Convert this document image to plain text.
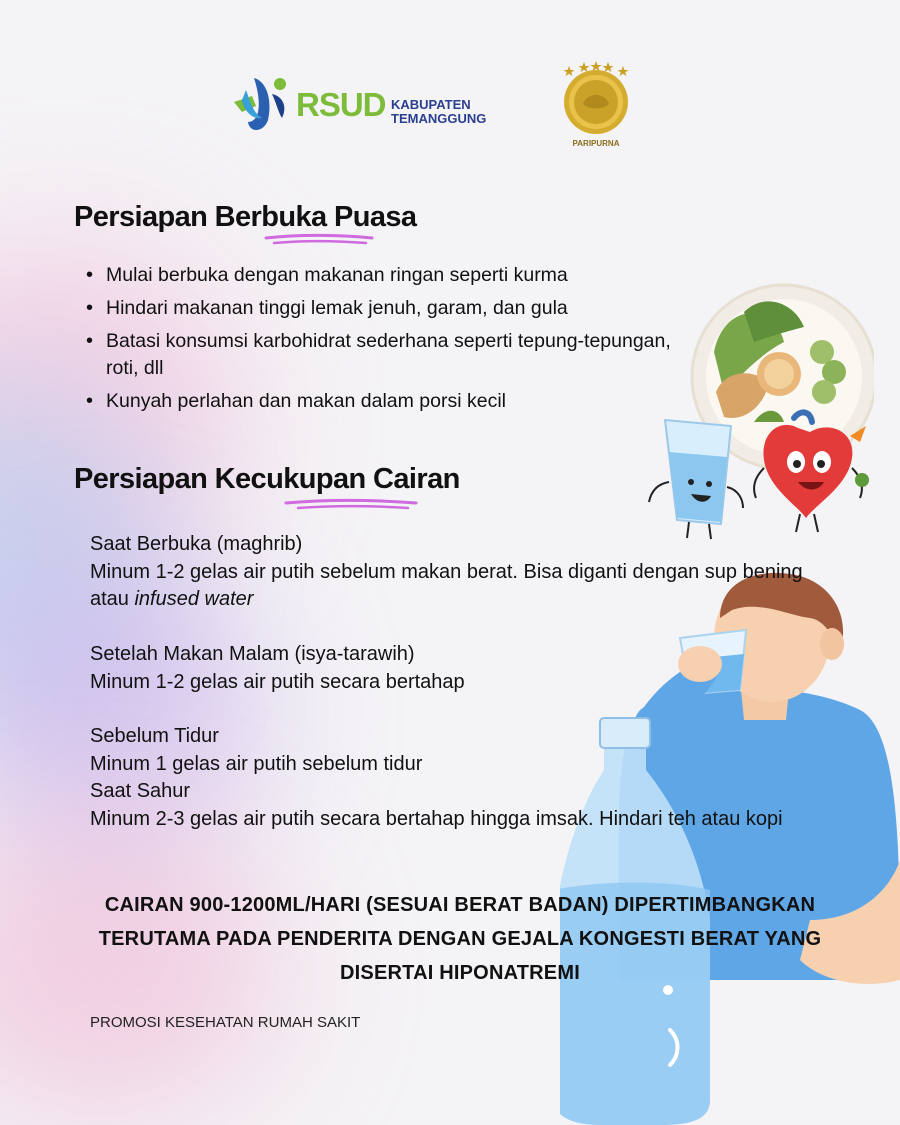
RSUD KABUPATEN
TEMANGGUNG
PARIPURNA
Persiapan Berbuka Puasa
• Mulai berbuka dengan makanan ringan seperti kurma
• Hindari makanan tinggi lemak jenuh, garam, dan gula
• Batasi konsumsi karbohidrat sederhana seperti tepung-tepungan, roti, dll
• Kunyah perlahan dan makan dalam porsi kecil
Persiapan Kecukupan Cairan
Saat Berbuka (maghrib)
Minum 1-2 gelas air putih sebelum makan berat. Bisa diganti dengan sup bening atau infused water
Setelah Makan Malam (isya-tarawih)
Minum 1-2 gelas air putih secara bertahap
Sebelum Tidur
Minum 1 gelas air putih sebelum tidur
Saat Sahur
Minum 2-3 gelas air putih secara bertahap hingga imsak. Hindari teh atau kopi
CAIRAN 900-1200ML/HARI (SESUAI BERAT BADAN) DIPERTIMBANGKAN TERUTAMA PADA PENDERITA DENGAN GEJALA KONGESTI BERAT YANG DISERTAI HIPONATREMI
PROMOSI KESEHATAN RUMAH SAKIT
